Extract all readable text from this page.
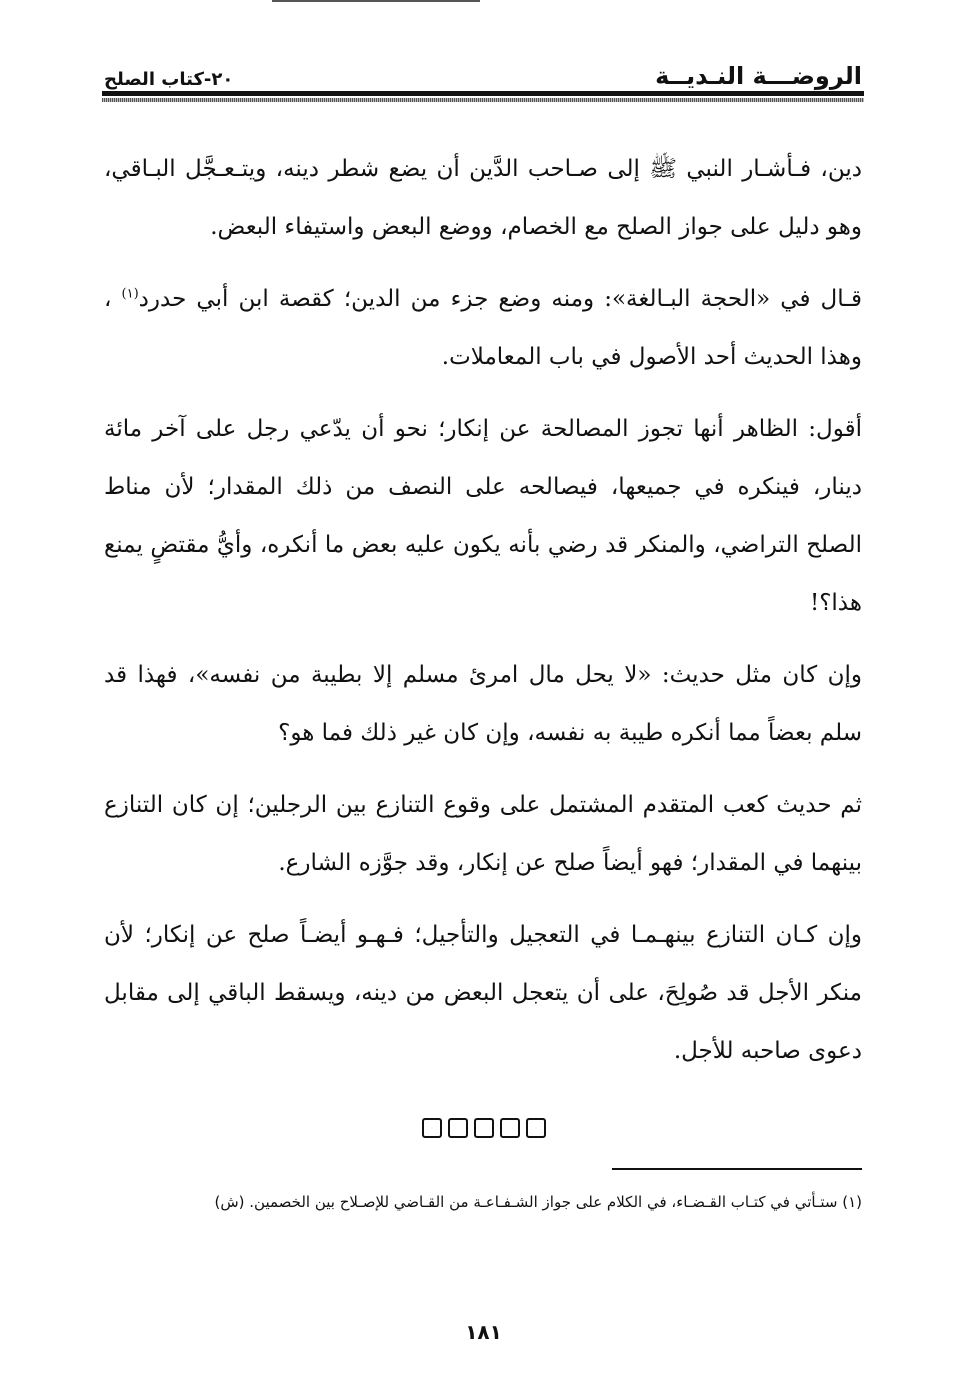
الروضـــة النـديــة
٢٠-كتاب الصلح

دين، فـأشـار النبي ﷺ إلى صـاحب الدَّين أن يضع شطر دينه، ويتـعـجَّل البـاقي، وهو دليل على جواز الصلح مع الخصام، ووضع البعض واستيفاء البعض.

قـال في «الحجة البـالغة»: ومنه وضع جزء من الدين؛ كقصة ابن أبي حدرد$^{(١)}$ ، وهذا الحديث أحد الأصول في باب المعاملات.

أقول: الظاهر أنها تجوز المصالحة عن إنكار؛ نحو أن يدّعي رجل على آخر مائة دينار، فينكره في جميعها، فيصالحه على النصف من ذلك المقدار؛ لأن مناط الصلح التراضي، والمنكر قد رضي بأنه يكون عليه بعض ما أنكره، وأيُّ مقتضٍ يمنع هذا؟!

وإن كان مثل حديث: «لا يحل مال امرئ مسلم إلا بطيبة من نفسه»، فهذا قد سلم بعضاً مما أنكره طيبة به نفسه، وإن كان غير ذلك فما هو؟

ثم حديث كعب المتقدم المشتمل على وقوع التنازع بين الرجلين؛ إن كان التنازع بينهما في المقدار؛ فهو أيضاً صلح عن إنكار، وقد جوَّزه الشارع.

وإن كـان التنازع بينهـمـا في التعجيل والتأجيل؛ فـهـو أيضـاً صلح عن إنكار؛ لأن منكر الأجل قد صُولِحَ، على أن يتعجل البعض من دينه، ويسقط الباقي إلى مقابل دعوى صاحبه للأجل.

(١) ستـأتي في كتـاب القـضـاء، في الكلام على جواز الشـفـاعـة من القـاضي للإصـلاح بين الخصمين. (ش)
١٨١
